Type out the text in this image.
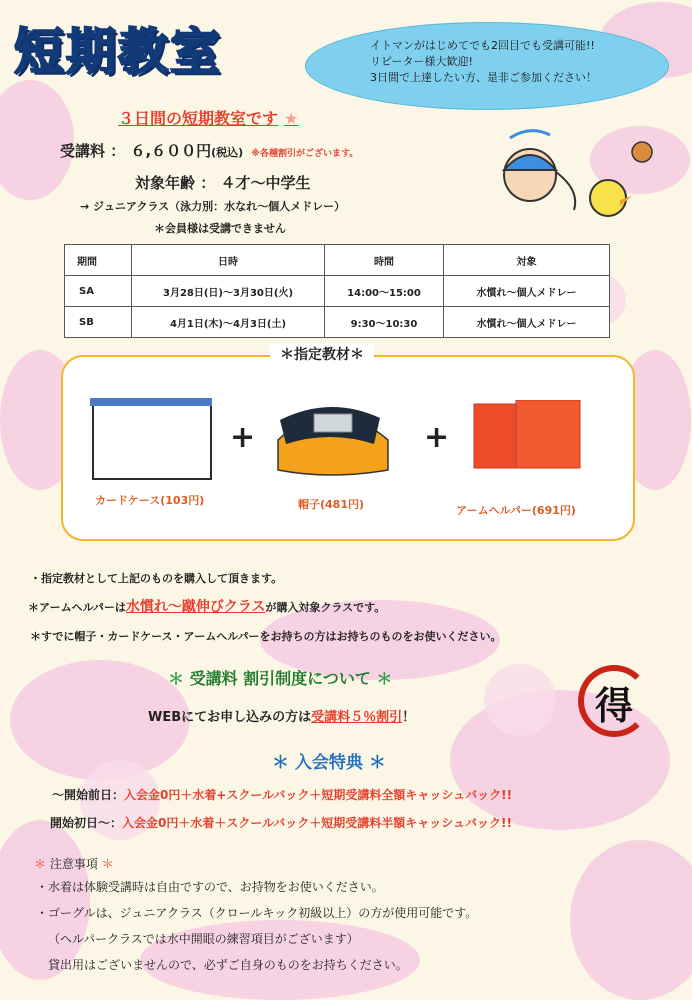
短期教室	イトマンがはじめてでも2回目でも受講可能!!
リピーター様大歓迎!
3日間で上達したい方、是非ご参加ください！
３日間の短期教室です ★
受講料 ： ６,６００円(税込) ※各種割引がございます。
対象年齢 ： ４才～中学生
→ ジュニアクラス（泳力別：水なれ～個人メドレー）
＊会員様は受講できません
期間	日時	時間	対象
SA	3月28日(日)～3月30日(火)	14:00～15:00	水慣れ～個人メドレー
SB	4月1日(木)～4月3日(土)	9:30～10:30	水慣れ～個人メドレー
＊指定教材＊
+	+
カードケース(103円)	帽子(481円)	アームヘルパー(691円)
・指定教材として上記のものを購入して頂きます。
＊アームヘルパーは水慣れ～蹴伸びクラスが購入対象クラスです。
＊すでに帽子・カードケース・アームヘルパーをお持ちの方はお持ちのものをお使いください。
＊ 受講料 割引制度について ＊
WEBにてお申し込みの方は受講料５％割引！	得
＊ 入会特典 ＊
～開始前日：入会金0円＋水着+スクールバック＋短期受講料全額キャッシュバック!!
開始初日～：入会金0円＋水着＋スクールバック＋短期受講料半額キャッシュバック!!
＊ 注意事項 ＊
・水着は体験受講時は自由ですので、お持物をお使いください。
・ゴーグルは、ジュニアクラス（クロールキック初級以上）の方が使用可能です。
（ヘルパークラスでは水中開眼の練習項目がございます）
貸出用はございませんので、必ずご自身のものをお持ちください。
